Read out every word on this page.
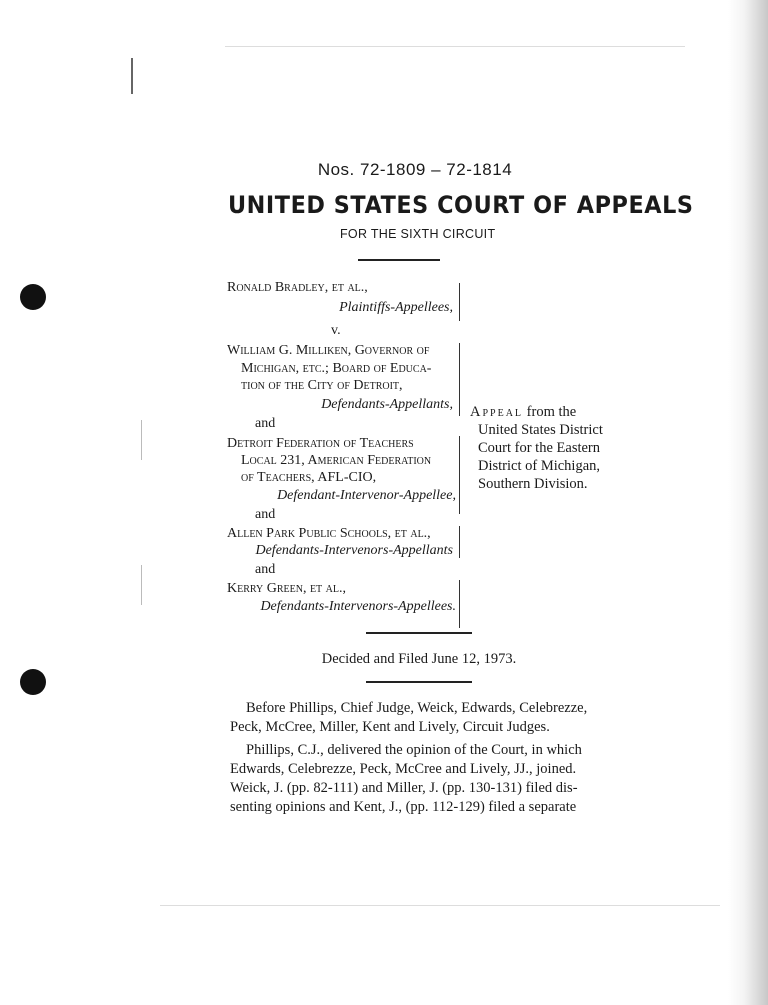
Nos. 72-1809 – 72-1814
UNITED STATES COURT OF APPEALS
FOR THE SIXTH CIRCUIT
Ronald Bradley, et al.,
Plaintiffs-Appellees,
v.
William G. Milliken, Governor of
Michigan, etc.; Board of Educa-
tion of the City of Detroit,
Defendants-Appellants,
and
Detroit Federation of Teachers
Local 231, American Federation
of Teachers, AFL-CIO,
Defendant-Intervenor-Appellee,
and
Allen Park Public Schools, et al.,
Defendants-Intervenors-Appellants
and
Kerry Green, et al.,
Defendants-Intervenors-Appellees.
Appeal from the
United States District
Court for the Eastern
District of Michigan,
Southern Division.
Decided and Filed June 12, 1973.
Before Phillips, Chief Judge, Weick, Edwards, Celebrezze,
Peck, McCree, Miller, Kent and Lively, Circuit Judges.
Phillips, C.J., delivered the opinion of the Court, in which
Edwards, Celebrezze, Peck, McCree and Lively, JJ., joined.
Weick, J. (pp. 82-111) and Miller, J. (pp. 130-131) filed dis-
senting opinions and Kent, J., (pp. 112-129) filed a separate
